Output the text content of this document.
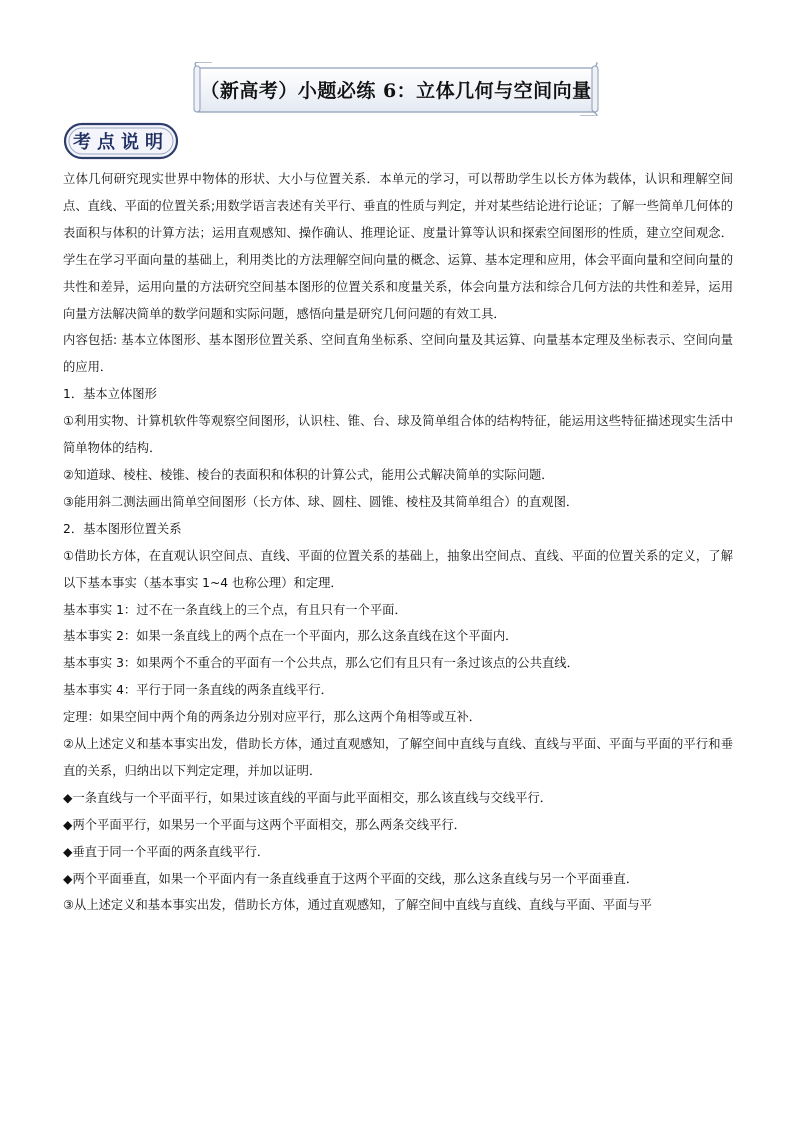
（新高考）小题必练 6：立体几何与空间向量
考点说明

立体几何研究现实世界中物体的形状、大小与位置关系．本单元的学习，可以帮助学生以长方体为载体，认识和理解空间点、直线、平面的位置关系;用数学语言表述有关平行、垂直的性质与判定，并对某些结论进行论证；了解一些简单几何体的表面积与体积的计算方法；运用直观感知、操作确认、推理论证、度量计算等认识和探索空间图形的性质，建立空间观念．学生在学习平面向量的基础上，利用类比的方法理解空间向量的概念、运算、基本定理和应用，体会平面向量和空间向量的共性和差异，运用向量的方法研究空间基本图形的位置关系和度量关系，体会向量方法和综合几何方法的共性和差异，运用向量方法解决简单的数学问题和实际问题，感悟向量是研究几何问题的有效工具．

内容包括: 基本立体图形、基本图形位置关系、空间直角坐标系、空间向量及其运算、向量基本定理及坐标表示、空间向量的应用．

1．基本立体图形

①利用实物、计算机软件等观察空间图形，认识柱、锥、台、球及简单组合体的结构特征，能运用这些特征描述现实生活中简单物体的结构．

②知道球、棱柱、棱锥、棱台的表面积和体积的计算公式，能用公式解决简单的实际问题．

③能用斜二测法画出简单空间图形（长方体、球、圆柱、圆锥、棱柱及其简单组合）的直观图．

2．基本图形位置关系

①借助长方体，在直观认识空间点、直线、平面的位置关系的基础上，抽象出空间点、直线、平面的位置关系的定义，了解以下基本事实（基本事实 1~4 也称公理）和定理．

基本事实 1：过不在一条直线上的三个点，有且只有一个平面．

基本事实 2：如果一条直线上的两个点在一个平面内，那么这条直线在这个平面内．

基本事实 3：如果两个不重合的平面有一个公共点，那么它们有且只有一条过该点的公共直线．

基本事实 4：平行于同一条直线的两条直线平行．

定理：如果空间中两个角的两条边分别对应平行，那么这两个角相等或互补．

②从上述定义和基本事实出发，借助长方体，通过直观感知，了解空间中直线与直线、直线与平面、平面与平面的平行和垂直的关系，归纳出以下判定定理，并加以证明．

◆一条直线与一个平面平行，如果过该直线的平面与此平面相交，那么该直线与交线平行．

◆两个平面平行，如果另一个平面与这两个平面相交，那么两条交线平行．

◆垂直于同一个平面的两条直线平行．

◆两个平面垂直，如果一个平面内有一条直线垂直于这两个平面的交线，那么这条直线与另一个平面垂直．

③从上述定义和基本事实出发，借助长方体，通过直观感知，了解空间中直线与直线、直线与平面、平面与平
